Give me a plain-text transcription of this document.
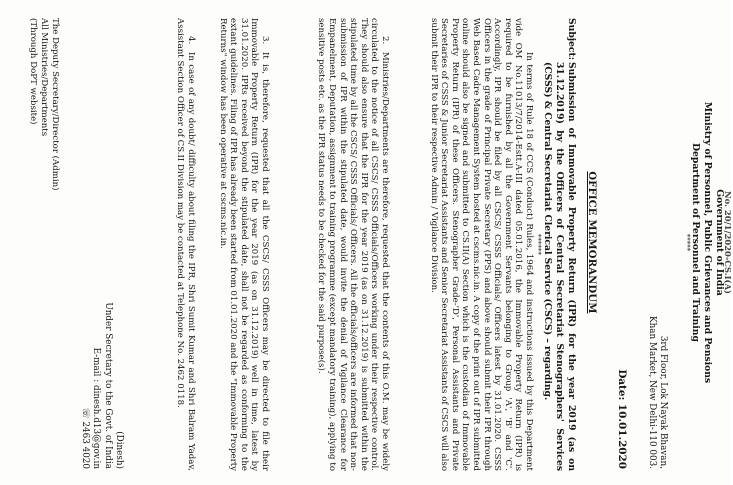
No. 20/1/2020-CS.I(A)
Government of India
Ministry of Personnel, Public Grievances and Pensions
Department of Personnel and Training
*****
3rd Floor, Lok Nayak Bhavan,
Khan Market, New Delhi-110 003.
Date: 10.01.2020
OFFICE MEMORANDUM
Subject:
Submission of Immovable Property Return (IPR) for the year 2019 (as on 31.12.2019) by the Officers of Central Secretariat Stenographers' Services (CSSS) & Central Secretariat Clerical Service (CSCS) – regarding.
******

In terms of Rule 18 of CCS (Conduct) Rules, 1964 and instructions issued by this Department vide OM No.11013/7/2014-Estt.A-III dated 05.01.2016, the Immovable Property Return (IPR) is required to be furnished by all the Government Servants belonging to Group 'A', 'B' and 'C'. Accordingly, IPR should be filed by all CSCS/ CSSS Officials/ Officers latest by 31.01.2020. CSSS Officers in the grade of Principal Private Secretary (PPS) and above should submit their IPR through Web Based Cadre Management System hosted at cscms.nic.in. A copy of the print out of IPR submitted online should also be signed and submitted to CS.II(A) Section which is the custodian of Immovable Property Return (IPR) of these Officers. Stenographer Grade-'D', Personal Assistants and Private Secretaries of CSSS & Junior Secretariat Assistants and Senior Secretariat Assistants of CSCS will also submit their IPR to their respective Admin / Vigilance Division.

2.

Ministries/Departments are therefore, requested that the contents of this O.M. may be widely circulated to the notice of all CSCS/ CSSS Officials/Officers working under their respective control. They should also ensure that the IPR for the year 2019 (as on 31.12.2019) is submitted within the stipulated time by all the CSCS/ CSSS Officials/ Officers. All the officials/officers are informed that non-submission of IPR within the stipulated date, would invite the denial of Vigilance Clearance for Empanelment, Deputation, assignment to training programme (except mandatory training), applying to sensitive posts etc. as the IPR status needs to be checked for the said purpose(s).

3.

It is, therefore, requested that all the CSCS/ CSSS Officers may be directed to file their Immovable Property Return (IPR) for the year 2019 (as on 31.12.2019) well in time, latest by 31.01.2020. IPRs received beyond the stipulated date, shall not be regarded as conforming to the extant guidelines. Filing of IPR has already been started from 01.01.2020 and the "Immovable Property Returns" window has been operative at cscms.nic.in.

4.

In case of any doubt/ difficulty about filing the IPR, Shri Sumit Kumar and Shri Balram Yadav, Assistant Section Officer of CS.II Division may be contacted at Telephone No. 2462 0118.

(Dinesh)
Under Secretary to the Govt. of India
E-mail : dinesh.d13@gov.in
☏ 2463 4020
The Deputy Secretary/Director (Admin)
All Ministries/Departments
(Through DoPT website)
